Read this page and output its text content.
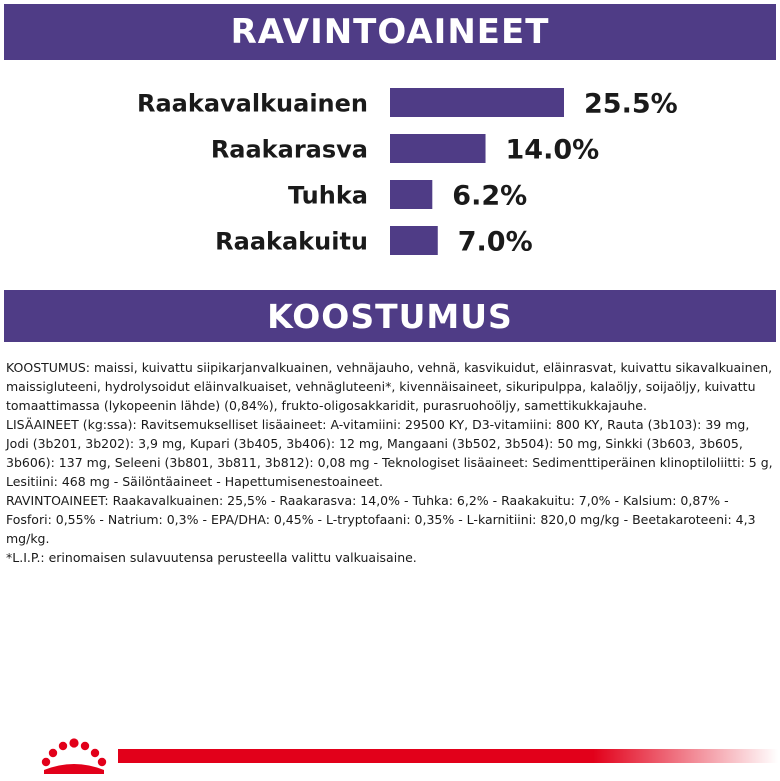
RAVINTOAINEET
Raakavalkuainen	25.5%
Raakarasva	14.0%
Tuhka	6.2%
Raakakuitu	7.0%
KOOSTUMUS

KOOSTUMUS: maissi, kuivattu siipikarjanvalkuainen, vehnäjauho, vehnä, kasvikuidut, eläinrasvat, kuivattu sikavalkuainen, maissigluteeni, hydrolysoidut eläinvalkuaiset, vehnägluteeni*, kivennäisaineet, sikuripulppa, kalaöljy, soijaöljy, kuivattu tomaattimassa (lykopeenin lähde) (0,84%), frukto-oligosakkaridit, purasruohoöljy, samettikukkajauhe.

LISÄAINEET (kg:ssa): Ravitsemukselliset lisäaineet: A-vitamiini: 29500 KY, D3-vitamiini: 800 KY, Rauta (3b103): 39 mg, Jodi (3b201, 3b202): 3,9 mg, Kupari (3b405, 3b406): 12 mg, Mangaani (3b502, 3b504): 50 mg, Sinkki (3b603, 3b605, 3b606): 137 mg, Seleeni (3b801, 3b811, 3b812): 0,08 mg - Teknologiset lisäaineet: Sedimenttiperäinen klinoptiloliitti: 5 g, Lesitiini: 468 mg - Säilöntäaineet - Hapettumisenestoaineet.

RAVINTOAINEET: Raakavalkuainen: 25,5% - Raakarasva: 14,0% - Tuhka: 6,2% - Raakakuitu: 7,0% - Kalsium: 0,87% - Fosfori: 0,55% - Natrium: 0,3% - EPA/DHA: 0,45% - L-tryptofaani: 0,35% - L-karnitiini: 820,0 mg/kg - Beetakaroteeni: 4,3 mg/kg.

*L.I.P.: erinomaisen sulavuutensa perusteella valittu valkuaisaine.
